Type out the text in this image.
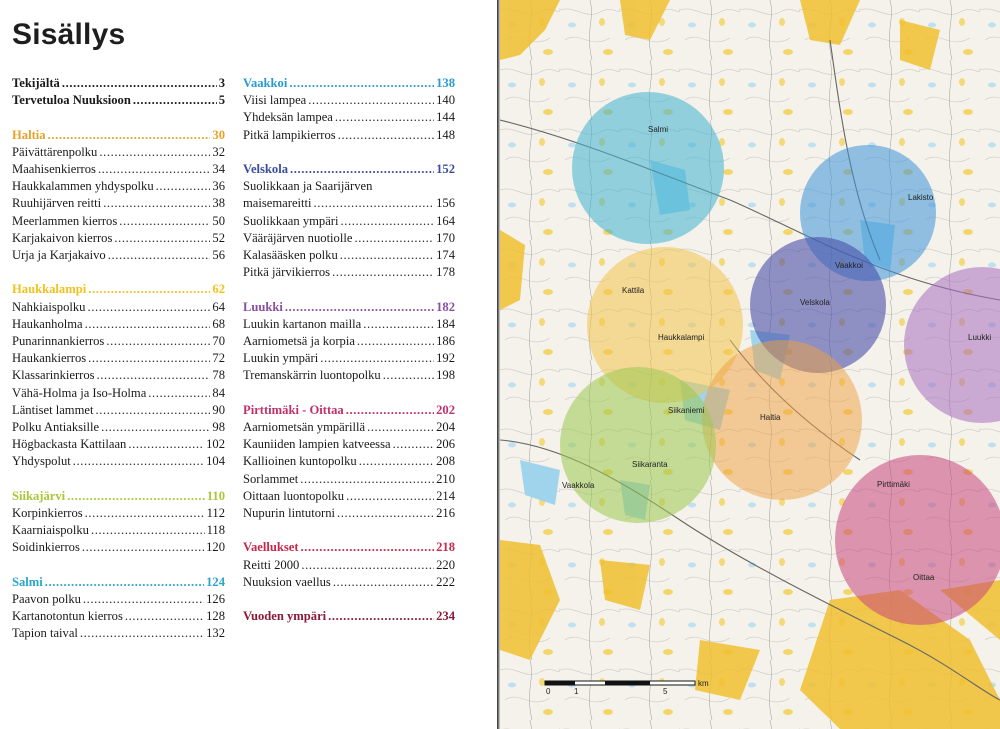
Sisällys
Tekijältä .....	3
Tervetuloa Nuuksioon .....	5
Haltia .....	30
Päivättärenpolku .....	32
Maahisenkierros .....	34
Haukkalammen yhdyspolku .....	36
Ruuhijärven reitti .....	38
Meerlammen kierros .....	50
Karjakaivon kierros .....	52
Urja ja Karjakaivo .....	56
Haukkalampi .....	62
Nahkiaispolku .....	64
Haukanholma .....	68
Punarinnankierros .....	70
Haukankierros .....	72
Klassarinkierros .....	78
Vähä-Holma ja Iso-Holma .....	84
Läntiset lammet .....	90
Polku Antiaksille .....	98
Högbackasta Kattilaan .....	102
Yhdyspolut .....	104
Siikajärvi .....	110
Korpinkierros .....	112
Kaarniaispolku .....	118
Soidinkierros .....	120
Salmi .....	124
Paavon polku .....	126
Kartanotontun kierros .....	128
Tapion taival .....	132
Vaakkoi .....	138
Viisi lampea .....	140
Yhdeksän lampea .....	144
Pitkä lampikierros .....	148
Velskola .....	152
Suolikkaan ja Saarijärven
maisemareitti .....	156
Suolikkaan ympäri .....	164
Vääräjärven nuotiolle .....	170
Kalasääsken polku .....	174
Pitkä järvikierros .....	178
Luukki .....	182
Luukin kartanon mailla .....	184
Aarniometsä ja korpia .....	186
Luukin ympäri .....	192
Tremanskärrin luontopolku .....	198
Pirttimäki - Oittaa .....	202
Aarniometsän ympärillä .....	204
Kauniiden lampien katveessa .....	206
Kallioinen kuntopolku .....	208
Sorlammet .....	210
Oittaan luontopolku .....	214
Nupurin lintutorni .....	216
Vaellukset .....	218
Reitti 2000 .....	220
Nuuksion vaellus .....	222
Vuoden ympäri .....	234
Salmi
Lakisto
Vaakkoi
Kattila
Velskola
Haukkalampi	Luukki
Siikaniemi
Haltia
Siikaranta
Vaakkola	Pirttimäki
Oittaa
0	1	5
km
